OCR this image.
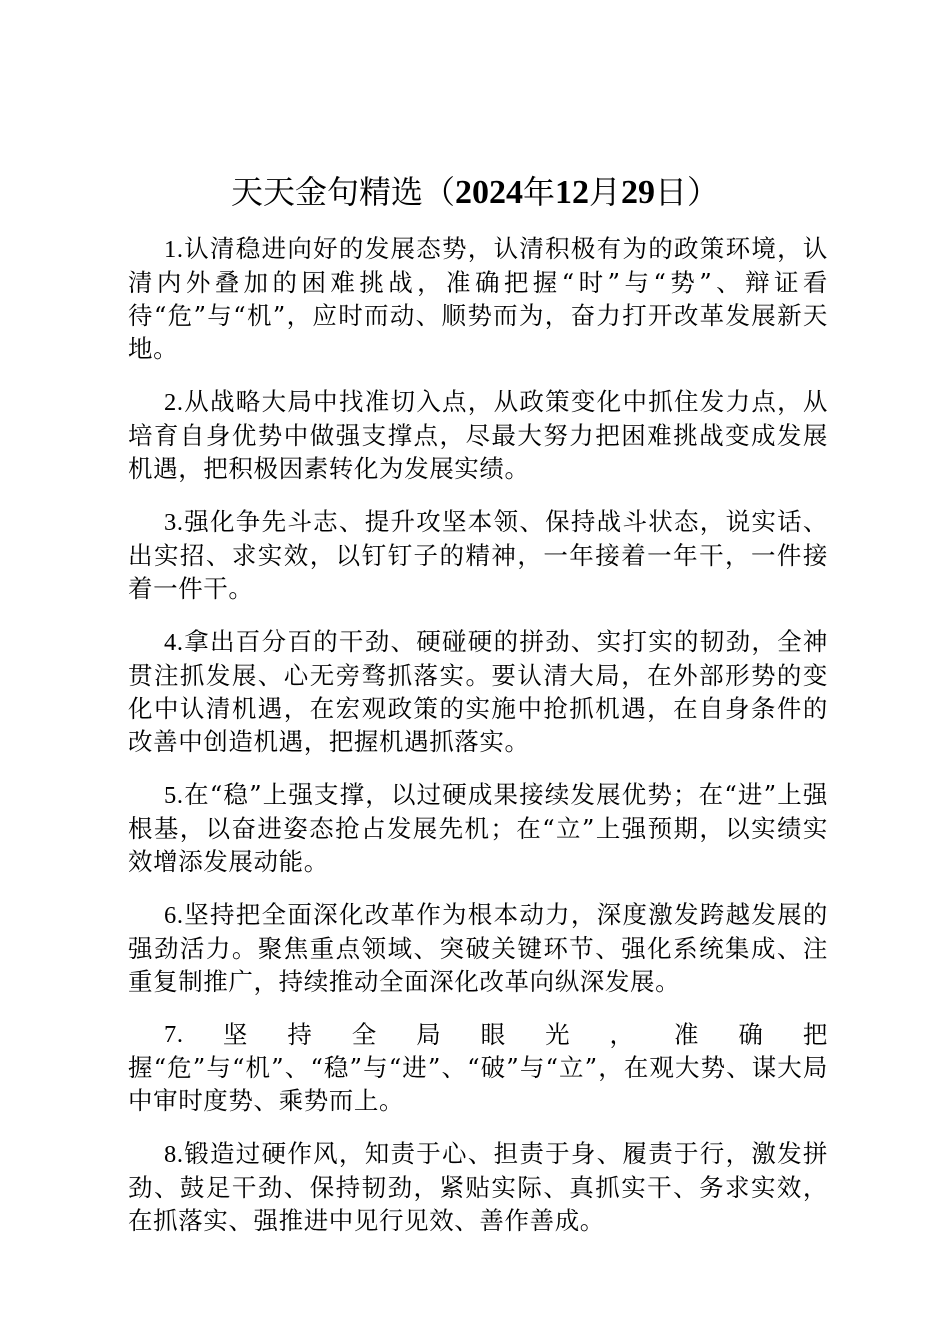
天天金句精选（2024年12月29日）

1.认清稳进向好的发展态势，认清积极有为的政策环境，认清内外叠加的困难挑战，准确把握“时”与“势”、辩证看待“危”与“机”，应时而动、顺势而为，奋力打开改革发展新天地。

2.从战略大局中找准切入点，从政策变化中抓住发力点，从培育自身优势中做强支撑点，尽最大努力把困难挑战变成发展机遇，把积极因素转化为发展实绩。

3.强化争先斗志、提升攻坚本领、保持战斗状态，说实话、出实招、求实效，以钉钉子的精神，一年接着一年干，一件接着一件干。

4.拿出百分百的干劲、硬碰硬的拼劲、实打实的韧劲，全神贯注抓发展、心无旁骛抓落实。要认清大局，在外部形势的变化中认清机遇，在宏观政策的实施中抢抓机遇，在自身条件的改善中创造机遇，把握机遇抓落实。

5.在“稳”上强支撑，以过硬成果接续发展优势；在“进”上强根基，以奋进姿态抢占发展先机；在“立”上强预期，以实绩实效增添发展动能。

6.坚持把全面深化改革作为根本动力，深度激发跨越发展的强劲活力。聚焦重点领域、突破关键环节、强化系统集成、注重复制推广，持续推动全面深化改革向纵深发展。

7. 坚 持 全 局 眼 光 ， 准 确 把
握“危”与“机”、“稳”与“进”、“破”与“立”，在观大势、谋大局中审时度势、乘势而上。

8.锻造过硬作风，知责于心、担责于身、履责于行，激发拼劲、鼓足干劲、保持韧劲，紧贴实际、真抓实干、务求实效，在抓落实、强推进中见行见效、善作善成。
